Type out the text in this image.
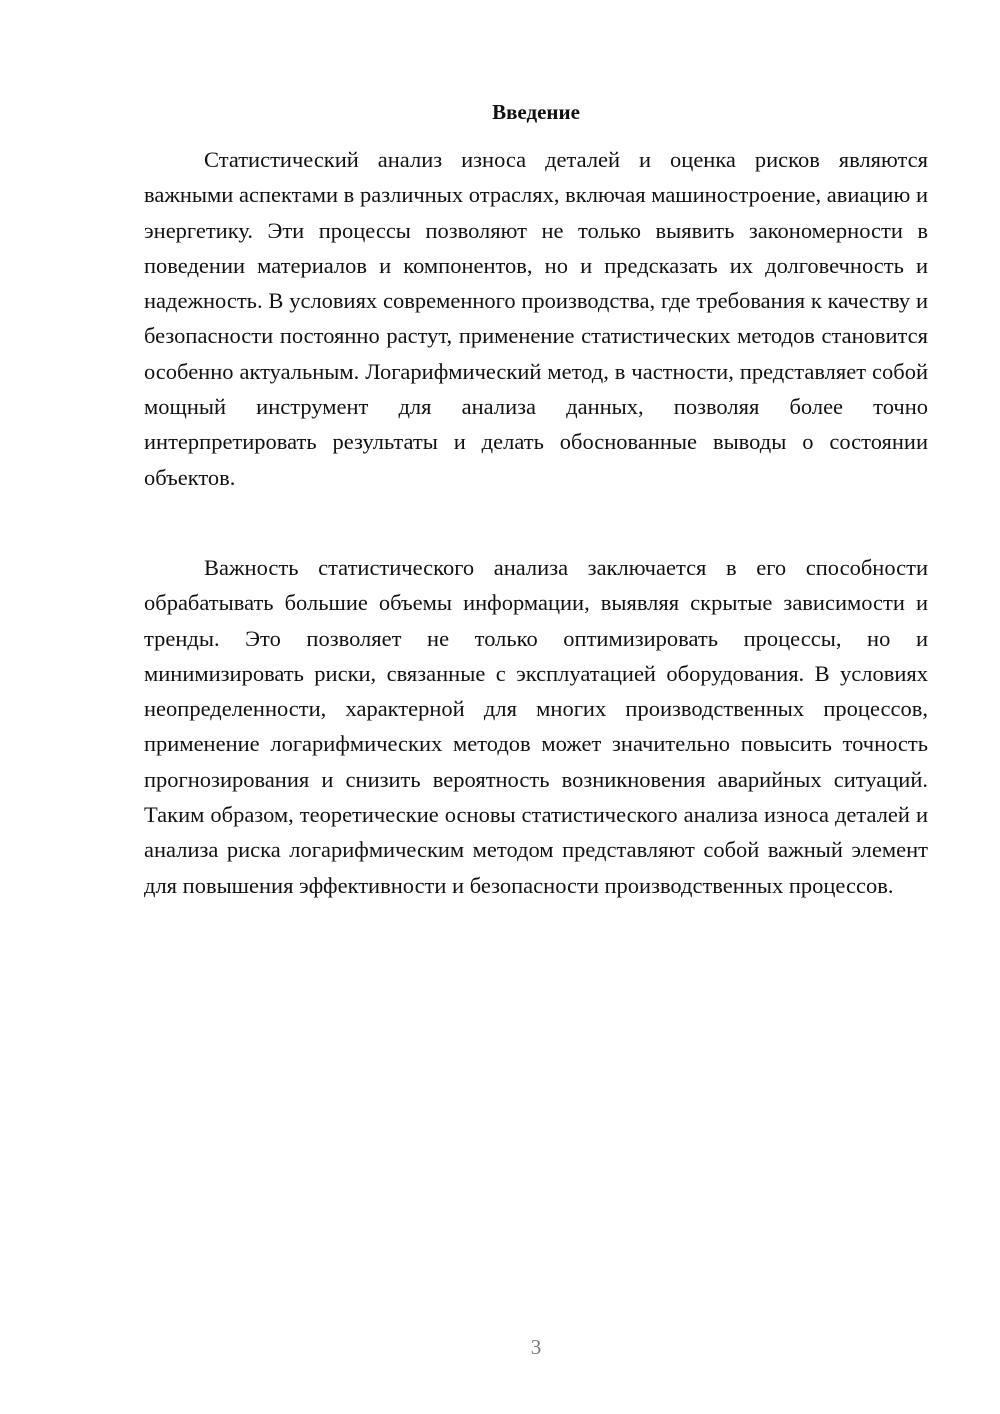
Введение

Статистический анализ износа деталей и оценка рисков являются важными аспектами в различных отраслях, включая машиностроение, авиацию и энергетику. Эти процессы позволяют не только выявить закономерности в поведении материалов и компонентов, но и предсказать их долговечность и надежность. В условиях современного производства, где требования к качеству и безопасности постоянно растут, применение статистических методов становится особенно актуальным. Логарифмический метод, в частности, представляет собой мощный инструмент для анализа данных, позволяя более точно интерпретировать результаты и делать обоснованные выводы о состоянии объектов.

Важность статистического анализа заключается в его способности обрабатывать большие объемы информации, выявляя скрытые зависимости и тренды. Это позволяет не только оптимизировать процессы, но и минимизировать риски, связанные с эксплуатацией оборудования. В условиях неопределенности, характерной для многих производственных процессов, применение логарифмических методов может значительно повысить точность прогнозирования и снизить вероятность возникновения аварийных ситуаций. Таким образом, теоретические основы статистического анализа износа деталей и анализа риска логарифмическим методом представляют собой важный элемент для повышения эффективности и безопасности производственных процессов.

3
